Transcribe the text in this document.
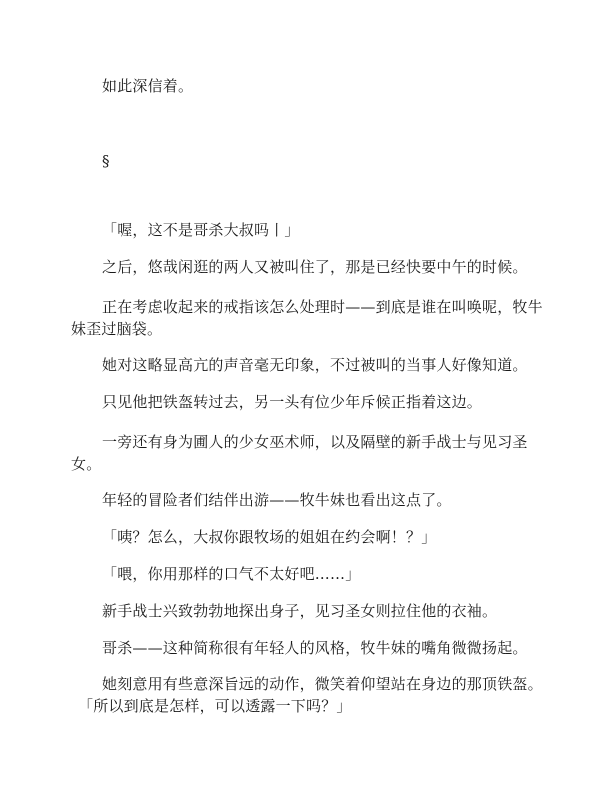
如此深信着。
§
「喔，这不是哥杀大叔吗丨」
之后，悠哉闲逛的两人又被叫住了，那是已经快要中午的时候。
正在考虑收起来的戒指该怎么处理时——到底是谁在叫唤呢，牧牛
妹歪过脑袋。
她对这略显高亢的声音毫无印象，不过被叫的当事人好像知道。
只见他把铁盔转过去，另一头有位少年斥候正指着这边。
一旁还有身为圃人的少女巫术师，以及隔壁的新手战士与见习圣
女。
年轻的冒险者们结伴出游——牧牛妹也看出这点了。
「咦？怎么，大叔你跟牧场的姐姐在约会啊！？」
「喂，你用那样的口气不太好吧……」
新手战士兴致勃勃地探出身子，见习圣女则拉住他的衣袖。
哥杀——这种简称很有年轻人的风格，牧牛妹的嘴角微微扬起。
她刻意用有些意深旨远的动作，微笑着仰望站在身边的那顶铁盔。
「所以到底是怎样，可以透露一下吗？」
